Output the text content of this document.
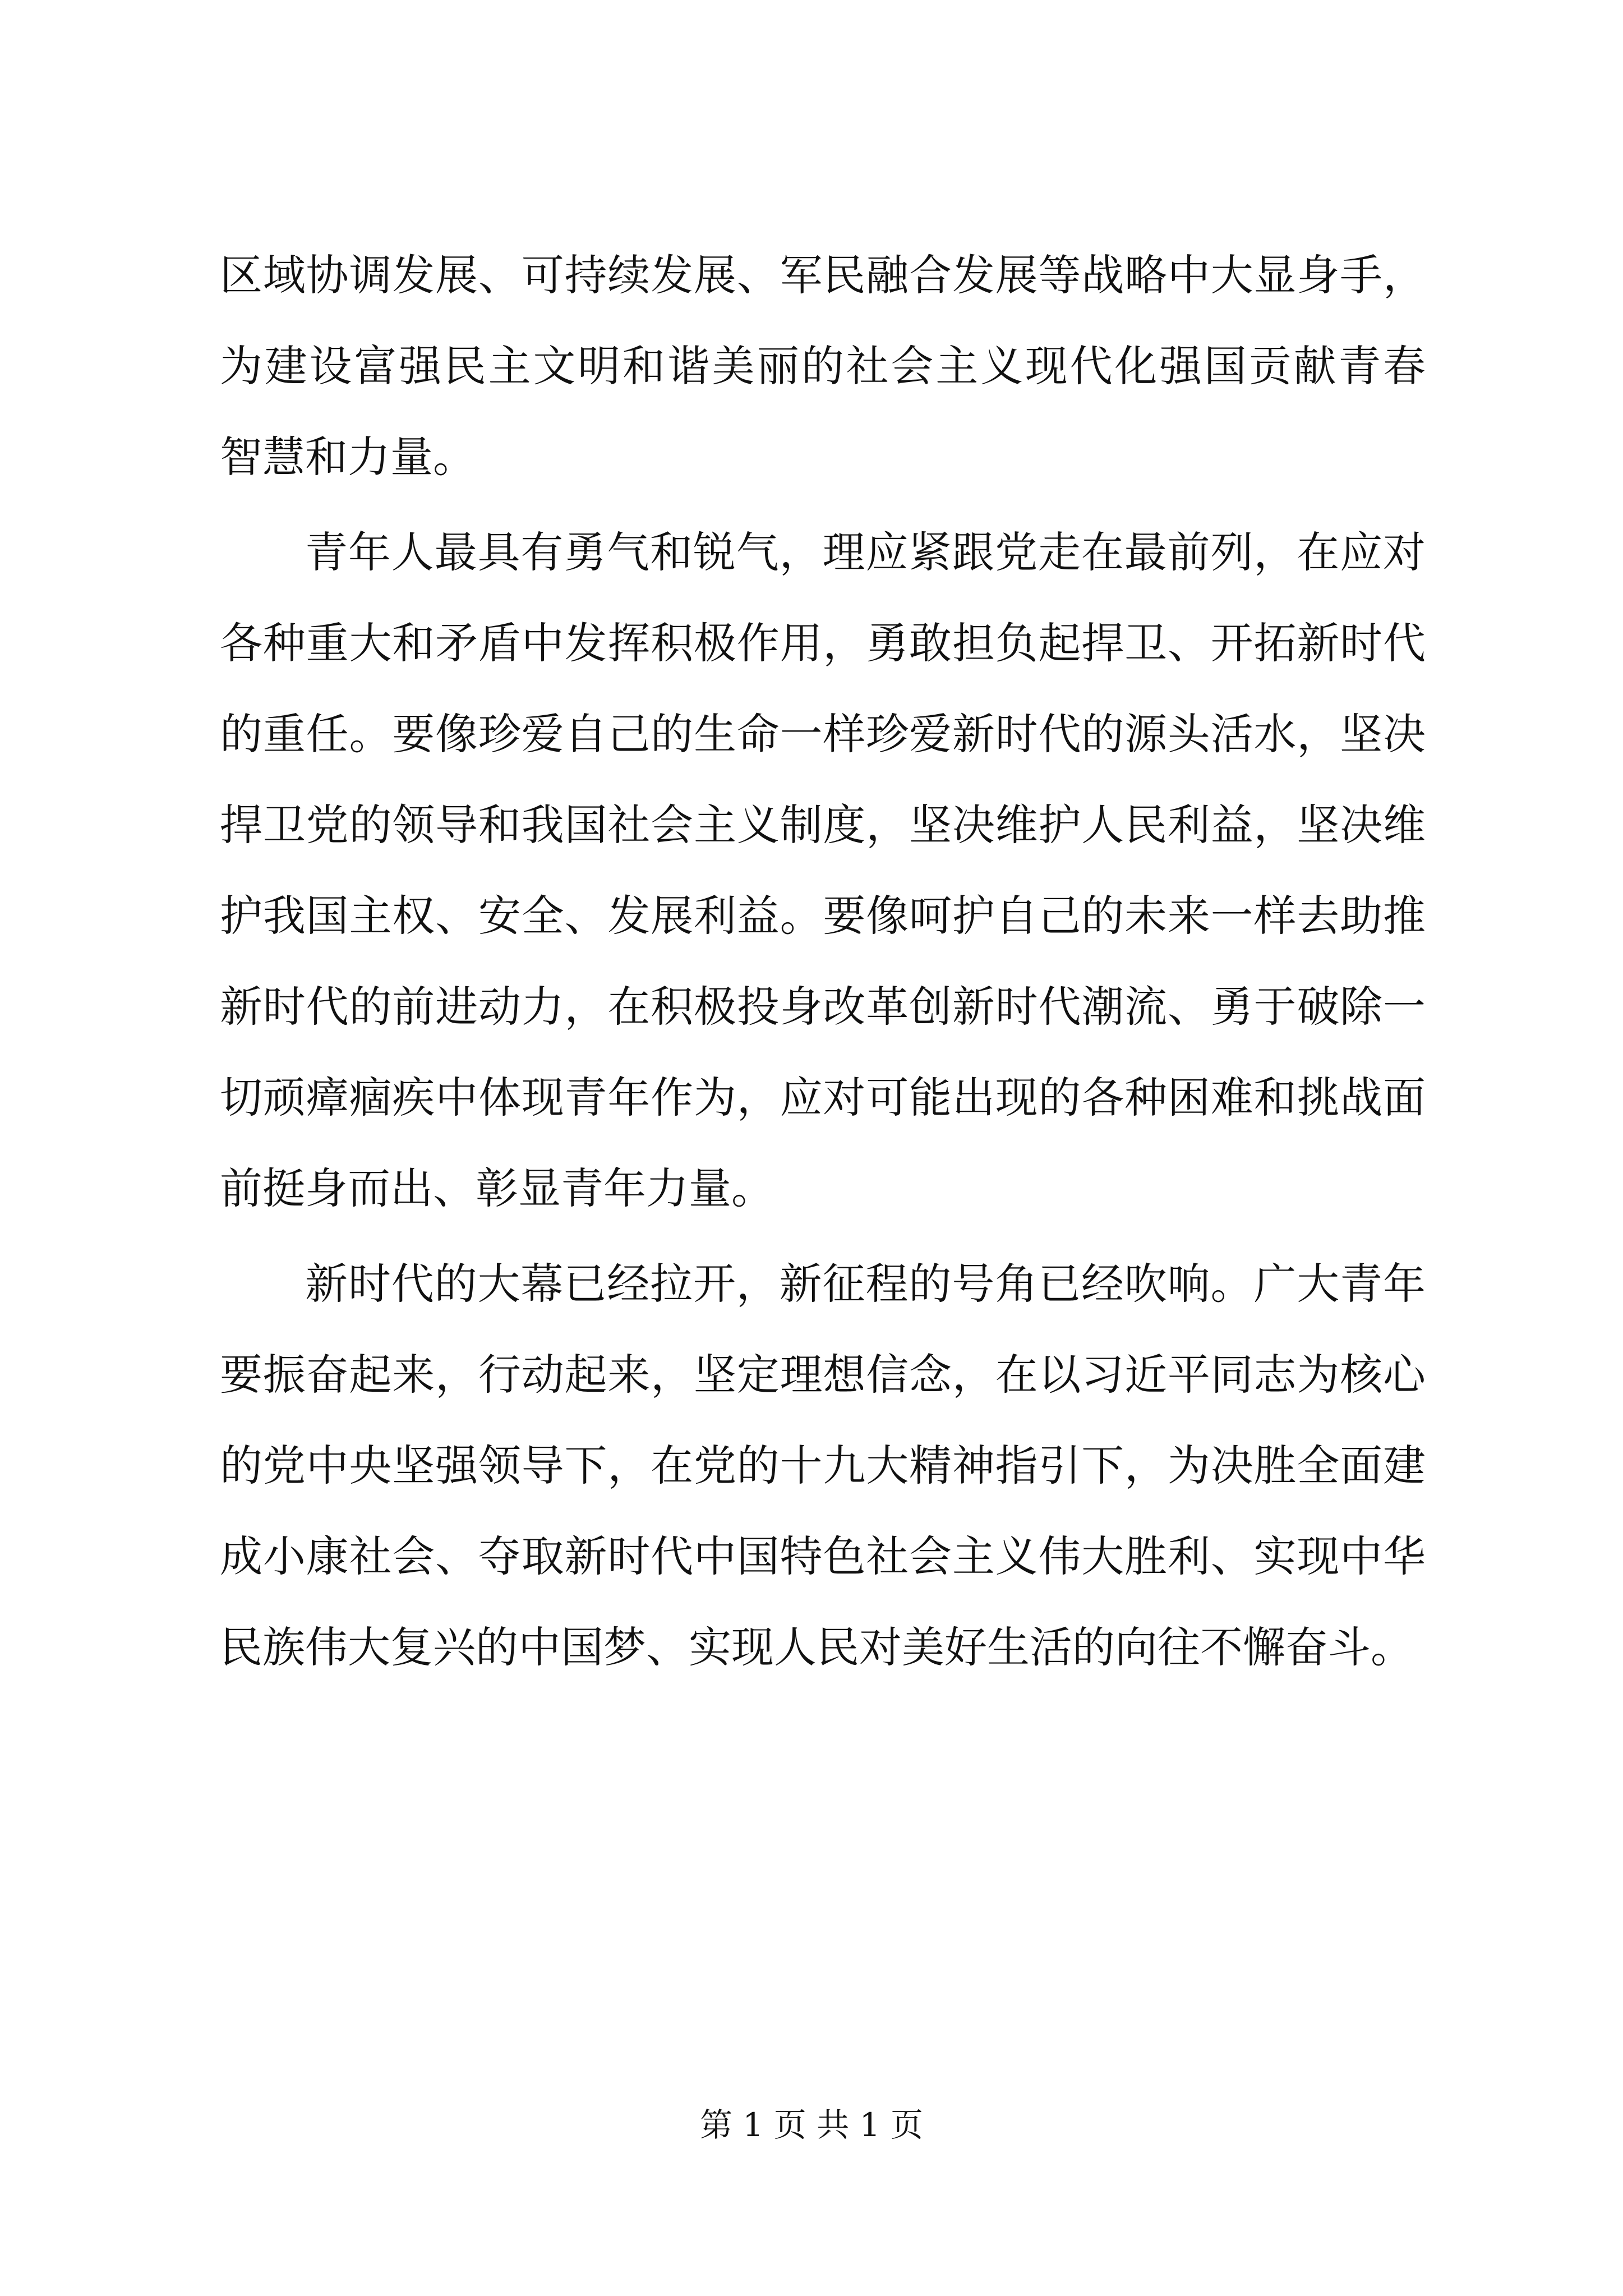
区域协调发展、可持续发展、军民融合发展等战略中大显身手，
为建设富强民主文明和谐美丽的社会主义现代化强国贡献青春
智慧和力量。
青年人最具有勇气和锐气，理应紧跟党走在最前列，在应对
各种重大和矛盾中发挥积极作用，勇敢担负起捍卫、开拓新时代
的重任。要像珍爱自己的生命一样珍爱新时代的源头活水，坚决
捍卫党的领导和我国社会主义制度，坚决维护人民利益，坚决维
护我国主权、安全、发展利益。要像呵护自己的未来一样去助推
新时代的前进动力，在积极投身改革创新时代潮流、勇于破除一
切顽瘴痼疾中体现青年作为，应对可能出现的各种困难和挑战面
前挺身而出、彰显青年力量。
新时代的大幕已经拉开，新征程的号角已经吹响。广大青年
要振奋起来，行动起来，坚定理想信念，在以习近平同志为核心
的党中央坚强领导下，在党的十九大精神指引下，为决胜全面建
成小康社会、夺取新时代中国特色社会主义伟大胜利、实现中华
民族伟大复兴的中国梦、实现人民对美好生活的向往不懈奋斗。
第 1 页 共 1 页
